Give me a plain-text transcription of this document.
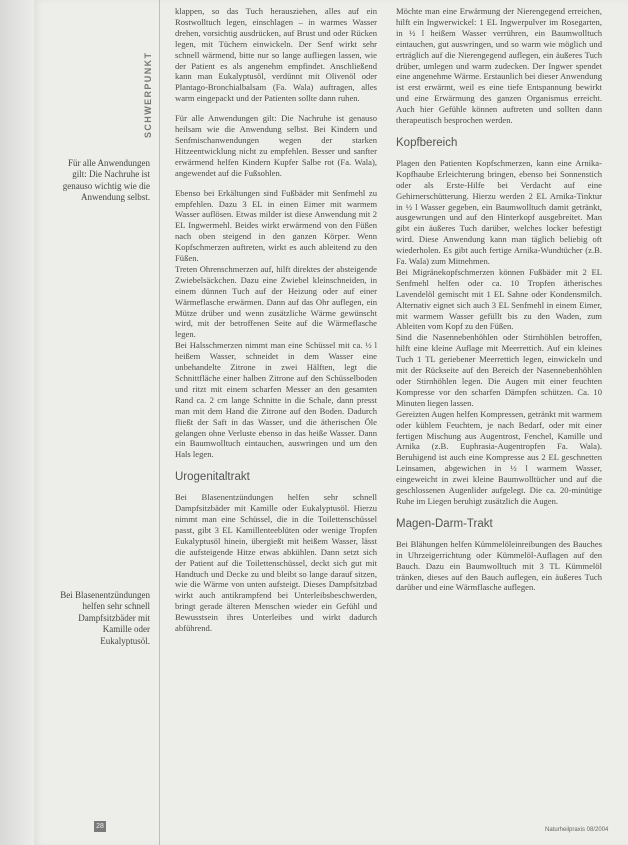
Für alle Anwendungen gilt: Die Nachruhe ist genauso wichtig wie die Anwendung selbst.
Bei Blasenentzündungen helfen sehr schnell Dampfsitzbäder mit Kamille oder Eukalyptusöl.
SCHWERPUNKT

klappen, so das Tuch herausziehen, alles auf ein Rostwolltuch legen, einschlagen – in warmes Wasser drehen, vorsichtig ausdrücken, auf Brust und oder Rücken legen, mit Tüchern einwickeln. Der Senf wirkt sehr schnell wärmend, bitte nur so lange aufliegen lassen, wie der Patient es als angenehm empfindet. Anschließend kann man Eukalyptusöl, verdünnt mit Olivenöl oder Plantago-Bronchialbalsam (Fa. Wala) auftragen, alles warm eingepackt und der Patienten sollte dann ruhen.

Für alle Anwendungen gilt: Die Nachruhe ist genauso heilsam wie die Anwendung selbst. Bei Kindern und Senfmischanwendungen wegen der starken Hitzeentwicklung nicht zu empfehlen. Besser und sanfter erwärmend helfen Kindern Kupfer Salbe rot (Fa. Wala), angewendet auf die Fußsohlen.

Ebenso bei Erkältungen sind Fußbäder mit Senfmehl zu empfehlen. Dazu 3 EL in einen Eimer mit warmem Wasser auflösen. Etwas milder ist diese Anwendung mit 2 EL Ingwermehl. Beides wirkt erwärmend von den Füßen nach oben steigend in den ganzen Körper. Wenn Kopfschmerzen auftreten, wirkt es auch ableitend zu den Füßen.

Treten Ohrenschmerzen auf, hilft direktes der absteigende Zwiebelsäckchen. Dazu eine Zwiebel kleinschneiden, in einem dünnen Tuch auf der Heizung oder auf einer Wärmeflasche erwärmen. Dann auf das Ohr auflegen, ein Mütze drüber und wenn zusätzliche Wärme gewünscht wird, mit der betroffenen Seite auf die Wärmeflasche legen.

Bei Halsschmerzen nimmt man eine Schüssel mit ca. ½ l heißem Wasser, schneidet in dem Wasser eine unbehandelte Zitrone in zwei Hälften, legt die Schnittfläche einer halben Zitrone auf den Schüsselboden und ritzt mit einem scharfen Messer an den gesamten Rand ca. 2 cm lange Schnitte in die Schale, dann presst man mit dem Hand die Zitrone auf den Boden. Dadurch fließt der Saft in das Wasser, und die ätherischen Öle gelangen ohne Verluste ebenso in das heiße Wasser. Dann ein Baumwolltuch eintauchen, auswringen und um den Hals legen.

Urogenitaltrakt

Bei Blasenentzündungen helfen sehr schnell Dampfsitzbäder mit Kamille oder Eukalyptusöl. Hierzu nimmt man eine Schüssel, die in die Toilettenschüssel passt, gibt 3 EL Kamillenteeblüten oder wenige Tropfen Eukalyptusöl hinein, übergießt mit heißem Wasser, lässt die aufsteigende Hitze etwas abkühlen. Dann setzt sich der Patient auf die Toilettenschüssel, deckt sich gut mit Handtuch und Decke zu und bleibt so lange darauf sitzen, wie die Wärme von unten aufsteigt. Dieses Dampfsitzbad wirkt auch antikrampfend bei Unterleibsbeschwerden, bringt gerade älteren Menschen wieder ein Gefühl und Bewusstsein ihres Unterleibes und wirkt dadurch abführend.

Möchte man eine Erwärmung der Nierengegend erreichen, hilft ein Ingwerwickel: 1 EL Ingwerpulver im Rosegarten, in ½ l heißem Wasser verrühren, ein Baumwolltuch eintauchen, gut auswringen, und so warm wie möglich und erträglich auf die Nierengegend auflegen, ein äußeres Tuch drüber, umlegen und warm zudecken. Der Ingwer spendet eine angenehme Wärme. Erstaunlich bei dieser Anwendung ist erst erwärmt, weil es eine tiefe Entspannung bewirkt und eine Erwärmung des ganzen Organismus erreicht. Auch hier Gefühle können auftreten und sollten dann therapeutisch besprochen werden.

Kopfbereich

Plagen den Patienten Kopfschmerzen, kann eine Arnika-Kopfhaube Erleichterung bringen, ebenso bei Sonnenstich oder als Erste-Hilfe bei Verdacht auf eine Gehirnerschütterung. Hierzu werden 2 EL Arnika-Tinktur in ½ l Wasser gegeben, ein Baumwolltuch damit getränkt, ausgewrungen und auf den Hinterkopf ausgebreitet. Man gibt ein äußeres Tuch darüber, welches locker befestigt wird. Diese Anwendung kann man täglich beliebig oft wiederholen. Es gibt auch fertige Arnika-Wundtücher (z.B. Fa. Wala) zum Mitnehmen.

Bei Migränekopfschmerzen können Fußbäder mit 2 EL Senfmehl helfen oder ca. 10 Tropfen ätherisches Lavendelöl gemischt mit 1 EL Sahne oder Kondensmilch. Alternativ eignet sich auch 3 EL Senfmehl in einem Eimer, mit warmem Wasser gefüllt bis zu den Waden, zum Ableiten vom Kopf zu den Füßen.

Sind die Nasennebenhöhlen oder Stirnhöhlen betroffen, hilft eine kleine Auflage mit Meerrettich. Auf ein kleines Tuch 1 TL geriebener Meerrettich legen, einwickeln und mit der Rückseite auf den Bereich der Nasennebenhöhlen oder Stirnhöhlen legen. Die Augen mit einer feuchten Kompresse vor den scharfen Dämpfen schützen. Ca. 10 Minuten liegen lassen.

Gereizten Augen helfen Kompressen, getränkt mit warmem oder kühlem Feuchtem, je nach Bedarf, oder mit einer fertigen Mischung aus Augentrost, Fenchel, Kamille und Arnika (z.B. Euphrasia-Augentropfen Fa. Wala). Beruhigend ist auch eine Kompresse aus 2 EL geschnetten Leinsamen, abgewichen in ½ l warmem Wasser, eingeweicht in zwei kleine Baumwolltücher und auf die geschlossenen Augenlider aufgelegt. Die ca. 20-minütige Ruhe im Liegen beruhigt zusätzlich die Augen.

Magen-Darm-Trakt

Bei Blähungen helfen Kümmelöleinreibungen des Bauches in Uhrzeigerrichtung oder Kümmelöl-Auflagen auf den Bauch. Dazu ein Baumwolltuch mit 3 TL Kümmelöl tränken, dieses auf den Bauch auflegen, ein äußeres Tuch darüber und eine Wärmflasche auflegen.

28	Naturheilpraxis 08/2004
